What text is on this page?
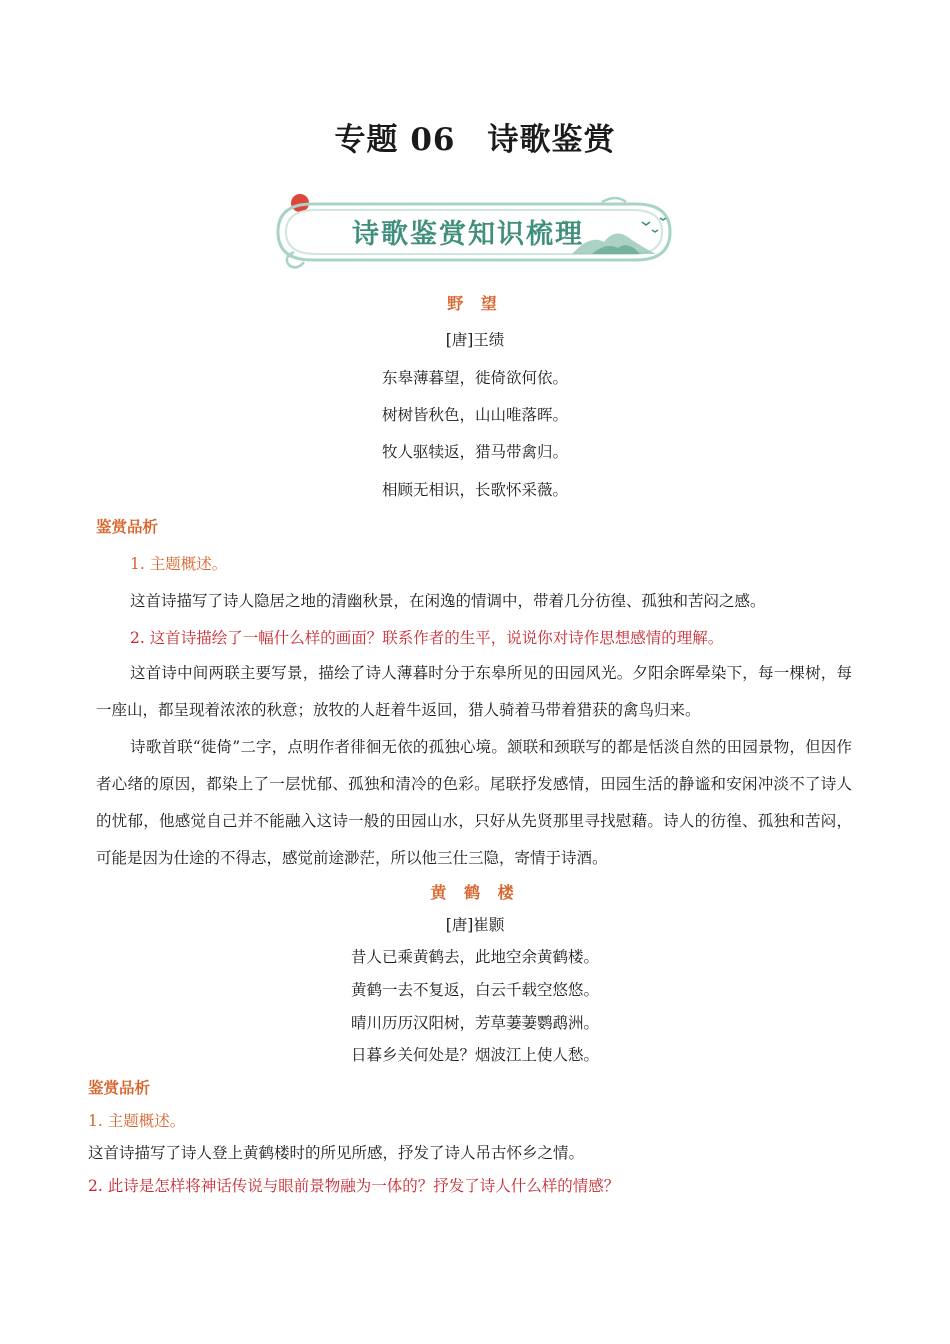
专题 06　诗歌鉴赏
诗歌鉴赏知识梳理
野 望
[唐]王绩
东皋薄暮望，徙倚欲何依。
树树皆秋色，山山唯落晖。
牧人驱犊返，猎马带禽归。
相顾无相识，长歌怀采薇。
鉴赏品析
1. 主题概述。
这首诗描写了诗人隐居之地的清幽秋景，在闲逸的情调中，带着几分彷徨、孤独和苦闷之感。
2. 这首诗描绘了一幅什么样的画面？联系作者的生平，说说你对诗作思想感情的理解。
这首诗中间两联主要写景，描绘了诗人薄暮时分于东皋所见的田园风光。夕阳余晖晕染下，每一棵树，每一座山，都呈现着浓浓的秋意；放牧的人赶着牛返回，猎人骑着马带着猎获的禽鸟归来。
诗歌首联“徙倚”二字，点明作者徘徊无依的孤独心境。颔联和颈联写的都是恬淡自然的田园景物，但因作者心绪的原因，都染上了一层忧郁、孤独和清冷的色彩。尾联抒发感情，田园生活的静谧和安闲冲淡不了诗人的忧郁，他感觉自己并不能融入这诗一般的田园山水，只好从先贤那里寻找慰藉。诗人的彷徨、孤独和苦闷，可能是因为仕途的不得志，感觉前途渺茫，所以他三仕三隐，寄情于诗酒。
黄 鹤 楼
[唐]崔颢
昔人已乘黄鹤去，此地空余黄鹤楼。
黄鹤一去不复返，白云千载空悠悠。
晴川历历汉阳树，芳草萋萋鹦鹉洲。
日暮乡关何处是？烟波江上使人愁。
鉴赏品析
1. 主题概述。
这首诗描写了诗人登上黄鹤楼时的所见所感，抒发了诗人吊古怀乡之情。
2. 此诗是怎样将神话传说与眼前景物融为一体的？抒发了诗人什么样的情感？
